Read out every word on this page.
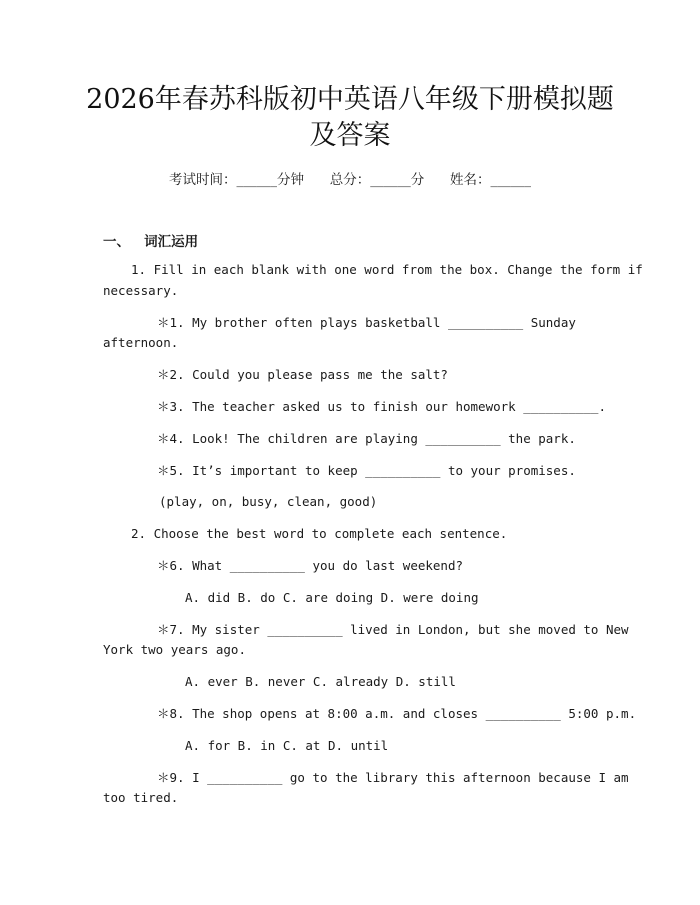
2026年春苏科版初中英语八年级下册模拟题
及答案
考试时间：______分钟      总分：______分      姓名：______
一、 词汇运用
1. Fill in each blank with one word from the box. Change the form if
necessary.
＊1. My brother often plays basketball __________ Sunday
afternoon.
＊2. Could you please pass me the salt?
＊3. The teacher asked us to finish our homework __________.
＊4. Look! The children are playing __________ the park.
＊5. It’s important to keep __________ to your promises.
(play, on, busy, clean, good)
2. Choose the best word to complete each sentence.
＊6. What __________ you do last weekend?
A. did B. do C. are doing D. were doing
＊7. My sister __________ lived in London, but she moved to New
York two years ago.
A. ever B. never C. already D. still
＊8. The shop opens at 8:00 a.m. and closes __________ 5:00 p.m.
A. for B. in C. at D. until
＊9. I __________ go to the library this afternoon because I am
too tired.
